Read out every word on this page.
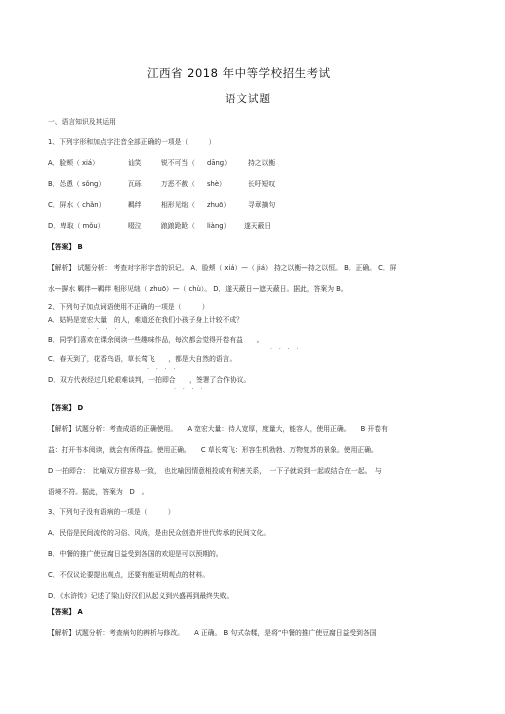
江西省 2018 年中等学校招生考试
语文试题
一、语言知识及其运用
1、下列字形和加点字注音全部正确的一项是（　　　）
A．脸颊（ xiá）	讪笑	锐不可当（ dāng）	持之以衡
B．怂恿（ sǒng）	瓦砾	万恶不赦（ shè）	长吁短叹
C．屏水（ chǎn）	羁绊	相形见绌（ zhuō）	寻章摘句
D．卑取（ mǒu）	啜泣	踉踉跄跄（ liàng） 遂天蔽日
【答案】 B
【解析】 试题分析： 考查对字形字音的识记。 A．脸颊（ xiá）—（ jiá） 持之以衡—持之以恒。 B．正确。 C．屏
水—摒水 羁伴—羁绊 相形见绌（ zhuō）—（ chù）。 D．遂天蔽日—遮天蔽日。据此，答案为 B。
2、下列句子加点词语使用不正确的一项是（　　　）
A．姑妈是宽宏大量　的人，难道还在我们小孩子身上计较不成？
· · · ·
B．同学们喜欢在课余阅读一些趣味作品，每次都会觉得开卷有益　　。
· · · ·
C．春天到了，花香鸟语，草长莺飞　　，都是大自然的语言。
· · · ·
D．双方代表经过几轮艰难谈判，一拍即合　　，签署了合作协议。
· · · ·
【答案】 D
【解析】试题分析：考查成语的正确使用。　　A 宽宏大量：待人宽厚，度量大，能容人，使用正确。　　B 开卷有
益：打开书本阅读，就会有所得益。使用正确。　　C 草长莺飞：形容生机勃勃、万物复苏的景象。使用正确。
D 一拍即合：　比喻双方很容易一致，　也比喻因情意相投或有利害关系，　一下子就说到一起或结合在一起。　与
语境不符。据此，答案为　D　。
3、下列句子没有语病的一项是（　　　）
A．民俗是民间流传的习俗、风尚，是由民众创造并世代传承的民间文化。
B．中餐的推广使豆腐日益受到各国的欢迎是可以预期的。
C．不仅议论要提出观点，还要有能证明观点的材料。
D．《水浒传》记述了梁山好汉们从起义到兴盛再到最终失败。
【答案】 A
【解析】试题分析：考查病句的辨析与修改。　　A 正确。 B 句式杂糅，是将“中餐的推广使豆腐日益受到各国
